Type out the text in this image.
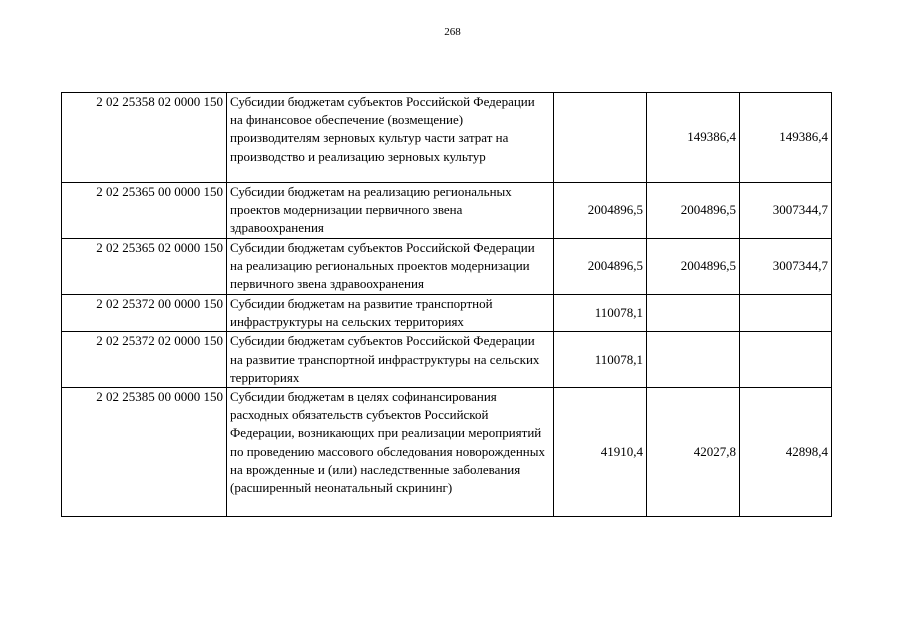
268
2 02 25358 02 0000 150	Субсидии бюджетам субъектов Российской Федерации на финансовое обеспечение (возмещение) производителям зерновых культур части затрат на производство и реализацию зерновых культур		149386,4	149386,4
2 02 25365 00 0000 150	Субсидии бюджетам на реализацию региональных проектов модернизации первичного звена здравоохранения	2004896,5	2004896,5	3007344,7
2 02 25365 02 0000 150	Субсидии бюджетам субъектов Российской Федерации на реализацию региональных проектов модернизации первичного звена здравоохранения	2004896,5	2004896,5	3007344,7
2 02 25372 00 0000 150	Субсидии бюджетам на развитие транспортной инфраструктуры на сельских территориях	110078,1		
2 02 25372 02 0000 150	Субсидии бюджетам субъектов Российской Федерации на развитие транспортной инфраструктуры на сельских территориях	110078,1		
2 02 25385 00 0000 150	Субсидии бюджетам в целях софинансирования расходных обязательств субъектов Российской Федерации, возникающих при реализации мероприятий по проведению массового обследования новорожденных на врожденные и (или) наследственные заболевания (расширенный неонатальный скрининг)	41910,4	42027,8	42898,4
